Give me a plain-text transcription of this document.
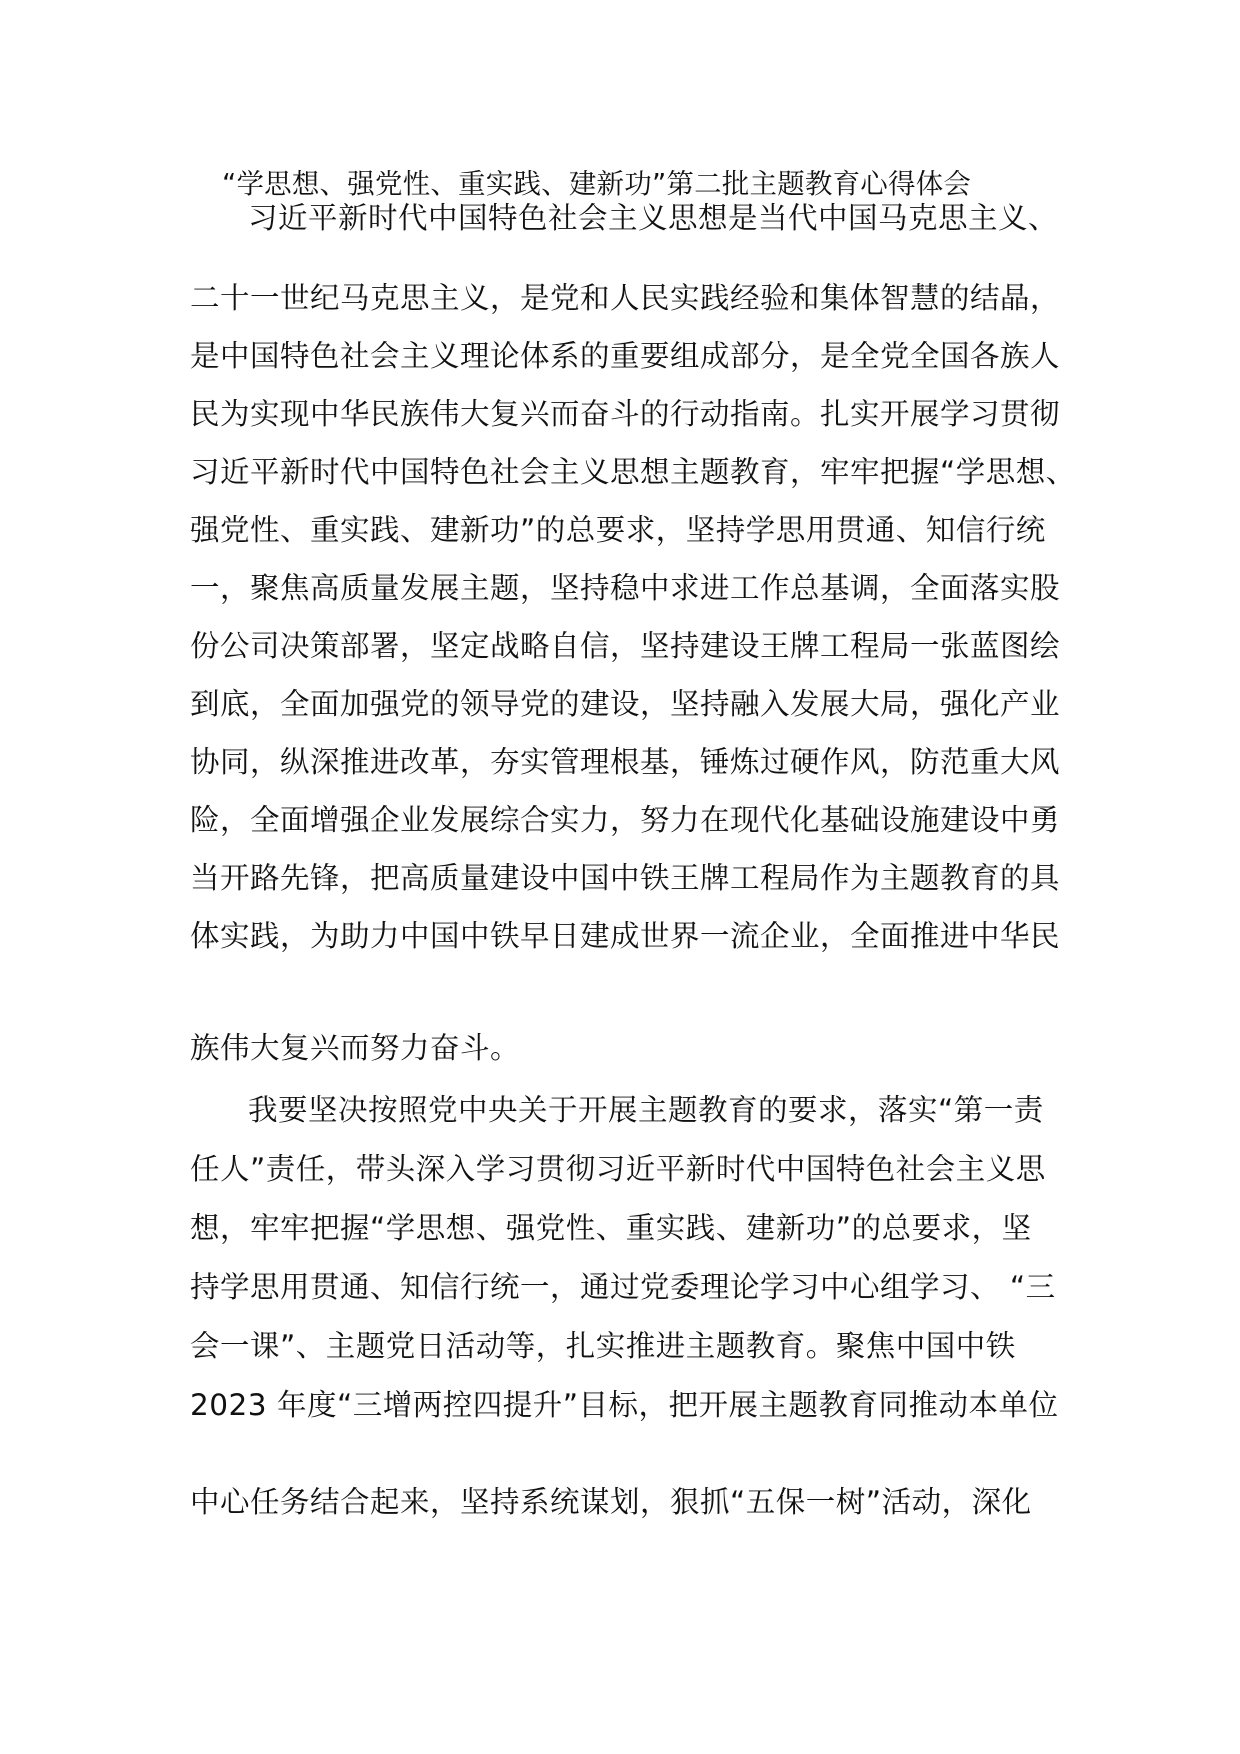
“学思想、强党性、重实践、建新功”第二批主题教育心得体会
习近平新时代中国特色社会主义思想是当代中国马克思主义、
二十一世纪马克思主义，是党和人民实践经验和集体智慧的结晶，
是中国特色社会主义理论体系的重要组成部分，是全党全国各族人
民为实现中华民族伟大复兴而奋斗的行动指南。扎实开展学习贯彻
习近平新时代中国特色社会主义思想主题教育，牢牢把握“学思想、
强党性、重实践、建新功”的总要求，坚持学思用贯通、知信行统
一，聚焦高质量发展主题，坚持稳中求进工作总基调，全面落实股
份公司决策部署，坚定战略自信，坚持建设王牌工程局一张蓝图绘
到底，全面加强党的领导党的建设，坚持融入发展大局，强化产业
协同，纵深推进改革，夯实管理根基，锤炼过硬作风，防范重大风
险，全面增强企业发展综合实力，努力在现代化基础设施建设中勇
当开路先锋，把高质量建设中国中铁王牌工程局作为主题教育的具
体实践，为助力中国中铁早日建成世界一流企业，全面推进中华民
族伟大复兴而努力奋斗。
我要坚决按照党中央关于开展主题教育的要求，落实“第一责
任人”责任，带头深入学习贯彻习近平新时代中国特色社会主义思
想，牢牢把握“学思想、强党性、重实践、建新功”的总要求，坚
持学思用贯通、知信行统一，通过党委理论学习中心组学习、 “三
会一课”、主题党日活动等，扎实推进主题教育。聚焦中国中铁
2023 年度“三增两控四提升”目标，把开展主题教育同推动本单位
中心任务结合起来，坚持系统谋划，狠抓“五保一树”活动，深化
